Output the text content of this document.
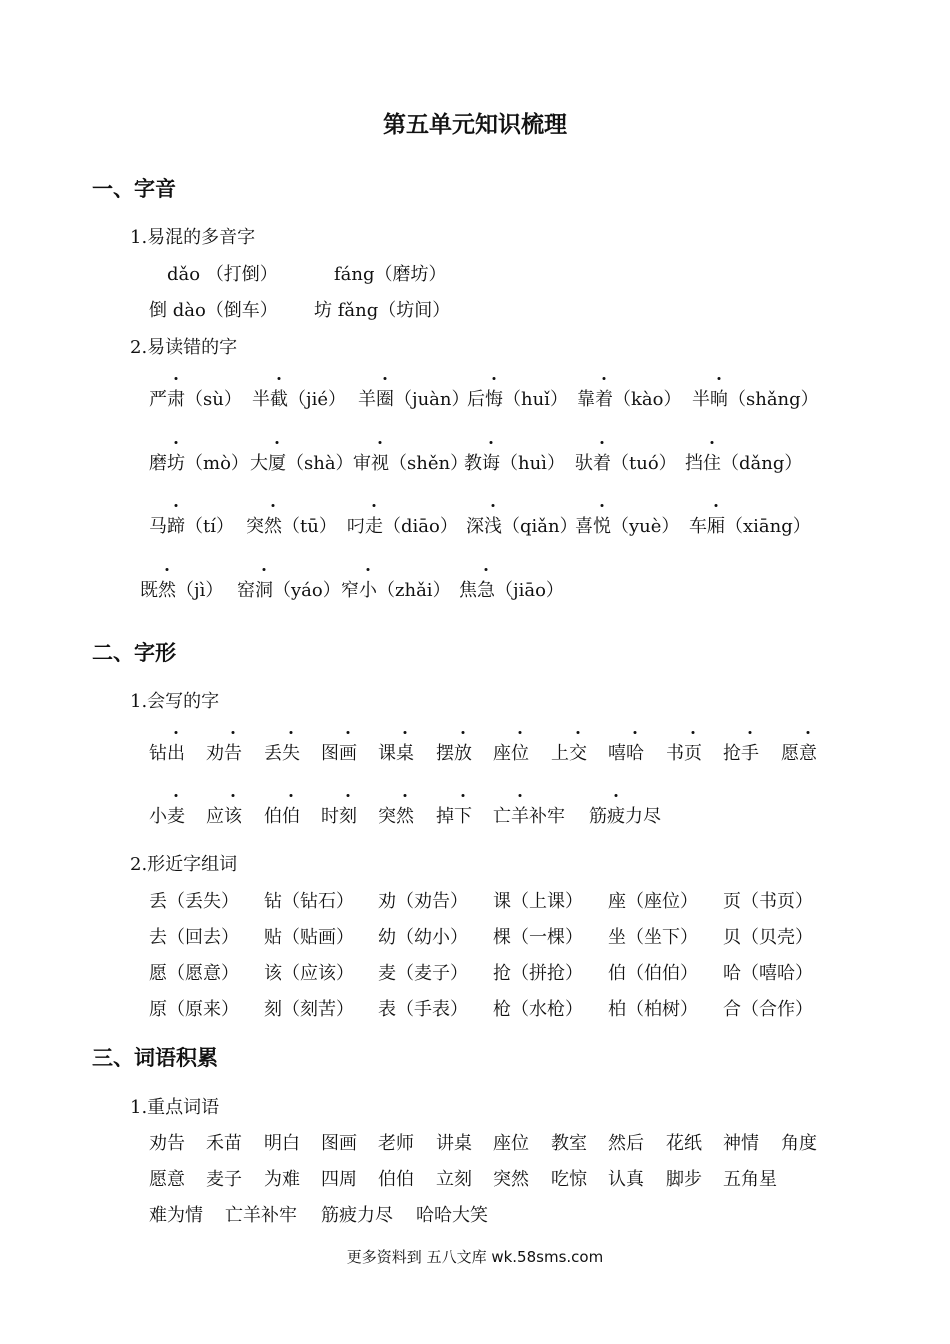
第五单元知识梳理
一、字音
1.易混的多音字
dǎo （打倒）	fáng（磨坊）
倒 dào（倒车） 坊 fǎng（坊间）
2.易读错的字
严肃（sù） 半截（jié） 羊圈（juàn）
后悔（huǐ） 靠着（kào） 半晌（shǎng）
磨坊（mò） 大厦（shà） 审视（shěn）
教诲（huì） 驮着（tuó） 挡住（dǎng）
马蹄（tí） 突然（tū） 叼走（diāo） 深浅（qiǎn）
喜悦（yuè） 车厢（xiāng）
既然（jì） 窑洞（yáo） 窄小（zhǎi） 焦急（jiāo）
二、字形
1.会写的字
钻出 劝告 丢失 图画 课桌 摆放 座位 上交 嘻哈 书页 抢手 愿意
小麦 应该 伯伯 时刻 突然 掉下 亡羊补牢 筋疲力尽
2.形近字组词
丢（丢失） 钻（钻石） 劝（劝告） 课（上课） 座（座位） 页（书页）
去（回去） 贴（贴画） 幼（幼小） 棵（一棵） 坐（坐下） 贝（贝壳）
愿（愿意） 该（应该） 麦（麦子） 抢（拼抢） 伯（伯伯） 哈（嘻哈）
原（原来） 刻（刻苦） 表（手表） 枪（水枪） 柏（柏树） 合（合作）
三、词语积累
1.重点词语
劝告 禾苗 明白 图画 老师 讲桌 座位 教室 然后 花纸 神情 角度
愿意 麦子 为难 四周 伯伯 立刻 突然 吃惊 认真 脚步 五角星
难为情 亡羊补牢 筋疲力尽 哈哈大笑
更多资料到 五八文库 wk.58sms.com
